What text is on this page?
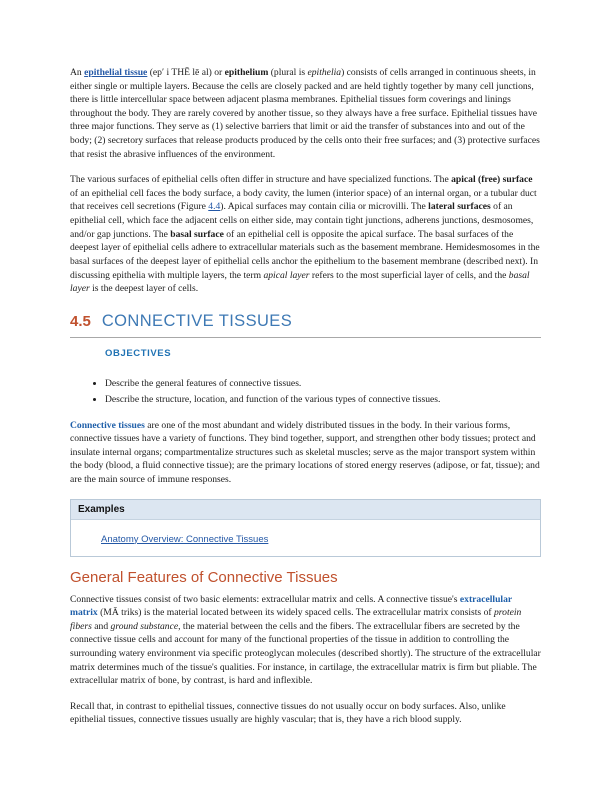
An epithelial tissue (ep′ i THĒ lē al) or epithelium (plural is epithelia) consists of cells arranged in continuous sheets, in either single or multiple layers. Because the cells are closely packed and are held tightly together by many cell junctions, there is little intercellular space between adjacent plasma membranes. Epithelial tissues form coverings and linings throughout the body. They are rarely covered by another tissue, so they always have a free surface. Epithelial tissues have three major functions. They serve as (1) selective barriers that limit or aid the transfer of substances into and out of the body; (2) secretory surfaces that release products produced by the cells onto their free surfaces; and (3) protective surfaces that resist the abrasive influences of the environment.

The various surfaces of epithelial cells often differ in structure and have specialized functions. The apical (free) surface of an epithelial cell faces the body surface, a body cavity, the lumen (interior space) of an internal organ, or a tubular duct that receives cell secretions (Figure 4.4). Apical surfaces may contain cilia or microvilli. The lateral surfaces of an epithelial cell, which face the adjacent cells on either side, may contain tight junctions, adherens junctions, desmosomes, and/or gap junctions. The basal surface of an epithelial cell is opposite the apical surface. The basal surfaces of the deepest layer of epithelial cells adhere to extracellular materials such as the basement membrane. Hemidesmosomes in the basal surfaces of the deepest layer of epithelial cells anchor the epithelium to the basement membrane (described next). In discussing epithelia with multiple layers, the term apical layer refers to the most superficial layer of cells, and the basal layer is the deepest layer of cells.

4.5 CONNECTIVE TISSUES
OBJECTIVES
• Describe the general features of connective tissues.
• Describe the structure, location, and function of the various types of connective tissues.

Connective tissues are one of the most abundant and widely distributed tissues in the body. In their various forms, connective tissues have a variety of functions. They bind together, support, and strengthen other body tissues; protect and insulate internal organs; compartmentalize structures such as skeletal muscles; serve as the major transport system within the body (blood, a fluid connective tissue); are the primary locations of stored energy reserves (adipose, or fat, tissue); and are the main source of immune responses.

Examples
Anatomy Overview: Connective Tissues
General Features of Connective Tissues

Connective tissues consist of two basic elements: extracellular matrix and cells. A connective tissue's extracellular matrix (MĀ triks) is the material located between its widely spaced cells. The extracellular matrix consists of protein fibers and ground substance, the material between the cells and the fibers. The extracellular fibers are secreted by the connective tissue cells and account for many of the functional properties of the tissue in addition to controlling the surrounding watery environment via specific proteoglycan molecules (described shortly). The structure of the extracellular matrix determines much of the tissue's qualities. For instance, in cartilage, the extracellular matrix is firm but pliable. The extracellular matrix of bone, by contrast, is hard and inflexible.

Recall that, in contrast to epithelial tissues, connective tissues do not usually occur on body surfaces. Also, unlike epithelial tissues, connective tissues usually are highly vascular; that is, they have a rich blood supply.
